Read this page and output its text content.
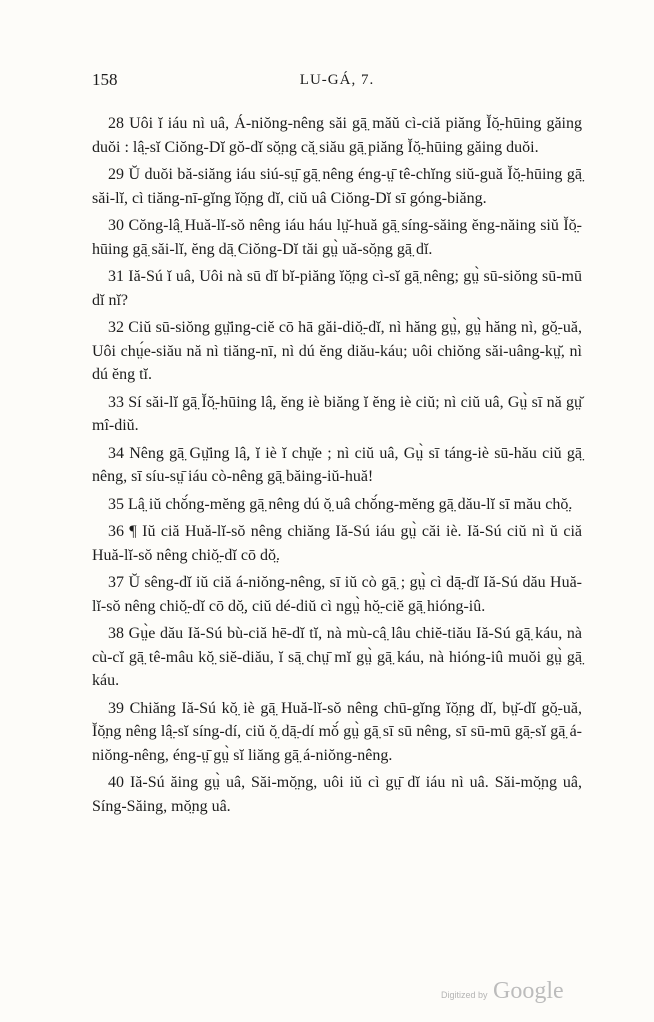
158	LU-GÁ, 7.

28 Uôi ĭ iáu nì uâ, Á-niŏng-nêng săi gā̤ măŭ cì-ciă piăng Ĭŏ̤-hūing găing duŏi : lâ̤-sĭ Ciŏng-Dĭ gŏ-dĭ sŏ̤ng că̤ siău gā̤ piăng Ĭŏ̤-hūing găing duŏi.

29 Ŭ duŏi bă-siăng iáu siú-sṳ̄ gā̤ nêng éng-ṳ̄ tê-chĭng siŭ-guă Ĭŏ̤-hūing gā̤ săi-lĭ, cì tiăng-nī-gĭng ĭŏ̤ng dĭ, ciŭ uâ Ciŏng-Dĭ sī góng-biăng.

30 Cŏng-lâ̤ Huă-lĭ-sŏ nêng iáu háu lṳ̆-huă gā̤ síng-săing ĕng-năing siŭ Ĭŏ̤-hūing gā̤ săi-lĭ, ĕng dā̤ Ciŏng-Dĭ tăi gṳ̀ uă-sŏ̤ng gā̤ dĭ.

31 Iă-Sú ĭ uâ, Uôi nà sū dĭ bĭ-piăng ĭŏ̤ng cì-sĭ gā̤ nêng; gṳ̀ sū-siŏng sū-mū dĭ nĭ?

32 Ciŭ sū-siŏng gṳ̆ing-ciĕ cō hā găi-diŏ̤-dĭ, nì hăng gṳ̀, gṳ̀ hăng nì, gŏ̤-uă, Uôi chṳ́e-siău nă nì tiăng-nī, nì dú ĕng diău-káu; uôi chiŏng săi-uâng-kṳ̆, nì dú ĕng tĭ.

33 Sí săi-lĭ gā̤ Ĭŏ̤-hūing lâ̤, ĕng iè biăng ĭ ĕng iè ciŭ; nì ciŭ uâ, Gṳ̀ sī nă gṳ̆ mî-diŭ.

34 Nêng gā̤ Gṳ̆ing lâ̤, ĭ iè ĭ chṳ̆e ; nì ciŭ uâ, Gṳ̀ sī táng-iè sū-hău ciŭ gā̤ nêng, sī síu-sṳ̄ iáu cò-nêng gā̤ băing-iŭ-huă!

35 Lâ̤ iŭ chŏ́ng-mĕng gā̤ nêng dú ŏ̤ uâ chŏ́ng-mĕng gā̤ dău-lĭ sī mău chŏ̤.

36 ¶ Iŭ ciă Huă-lĭ-sŏ nêng chiăng Iă-Sú iáu gṳ̀ căi iè. Iă-Sú ciŭ nì ŭ ciă Huă-lĭ-sŏ nêng chiŏ̤-dĭ cō dŏ̤.

37 Ŭ sêng-dĭ iŭ ciă á-niŏng-nêng, sī iŭ cò gā̤ ; gṳ̀ cì dā̤-dĭ Iă-Sú dău Huă-lĭ-sŏ nêng chiŏ̤-dĭ cō dŏ̤, ciŭ dé-diŭ cì ngṳ̀ hŏ̤-ciĕ gā̤ hióng-iû.

38 Gṳ̀e dău Iă-Sú bù-ciă hē-dĭ tĭ, nà mù-câ̤ lâu chiĕ-tiău Iă-Sú gā̤ káu, nà cù-cĭ gā̤ tê-mâu kŏ̤ siĕ-diău, ĭ sā̤ chṳ̄ mĭ gṳ̀ gā̤ káu, nà hióng-iû muŏi gṳ̀ gā̤ káu.

39 Chiăng Iă-Sú kŏ̤ iè gā̤ Huă-lĭ-sŏ nêng chū-gĭng ĭŏ̤ng dĭ, bṳ̆-dĭ gŏ̤-uă, Ĭŏ̤ng nêng lâ̤-sĭ síng-dí, ciŭ ŏ̤ dā̤-dí mŏ́ gṳ̀ gā̤ sī sū nêng, sī sū-mū gā̤-sĭ gā̤ á-niŏng-nêng, éng-ṳ̄ gṳ̀ sĭ liăng gā̤ á-niŏng-nêng.

40 Iă-Sú ăing gṳ̀ uâ, Săi-mŏ̤ng, uôi iŭ cì gṳ̄ dĭ iáu nì uâ. Săi-mŏ̤ng uâ, Síng-Săing, mŏ̤ng uâ.

Digitized by Google
